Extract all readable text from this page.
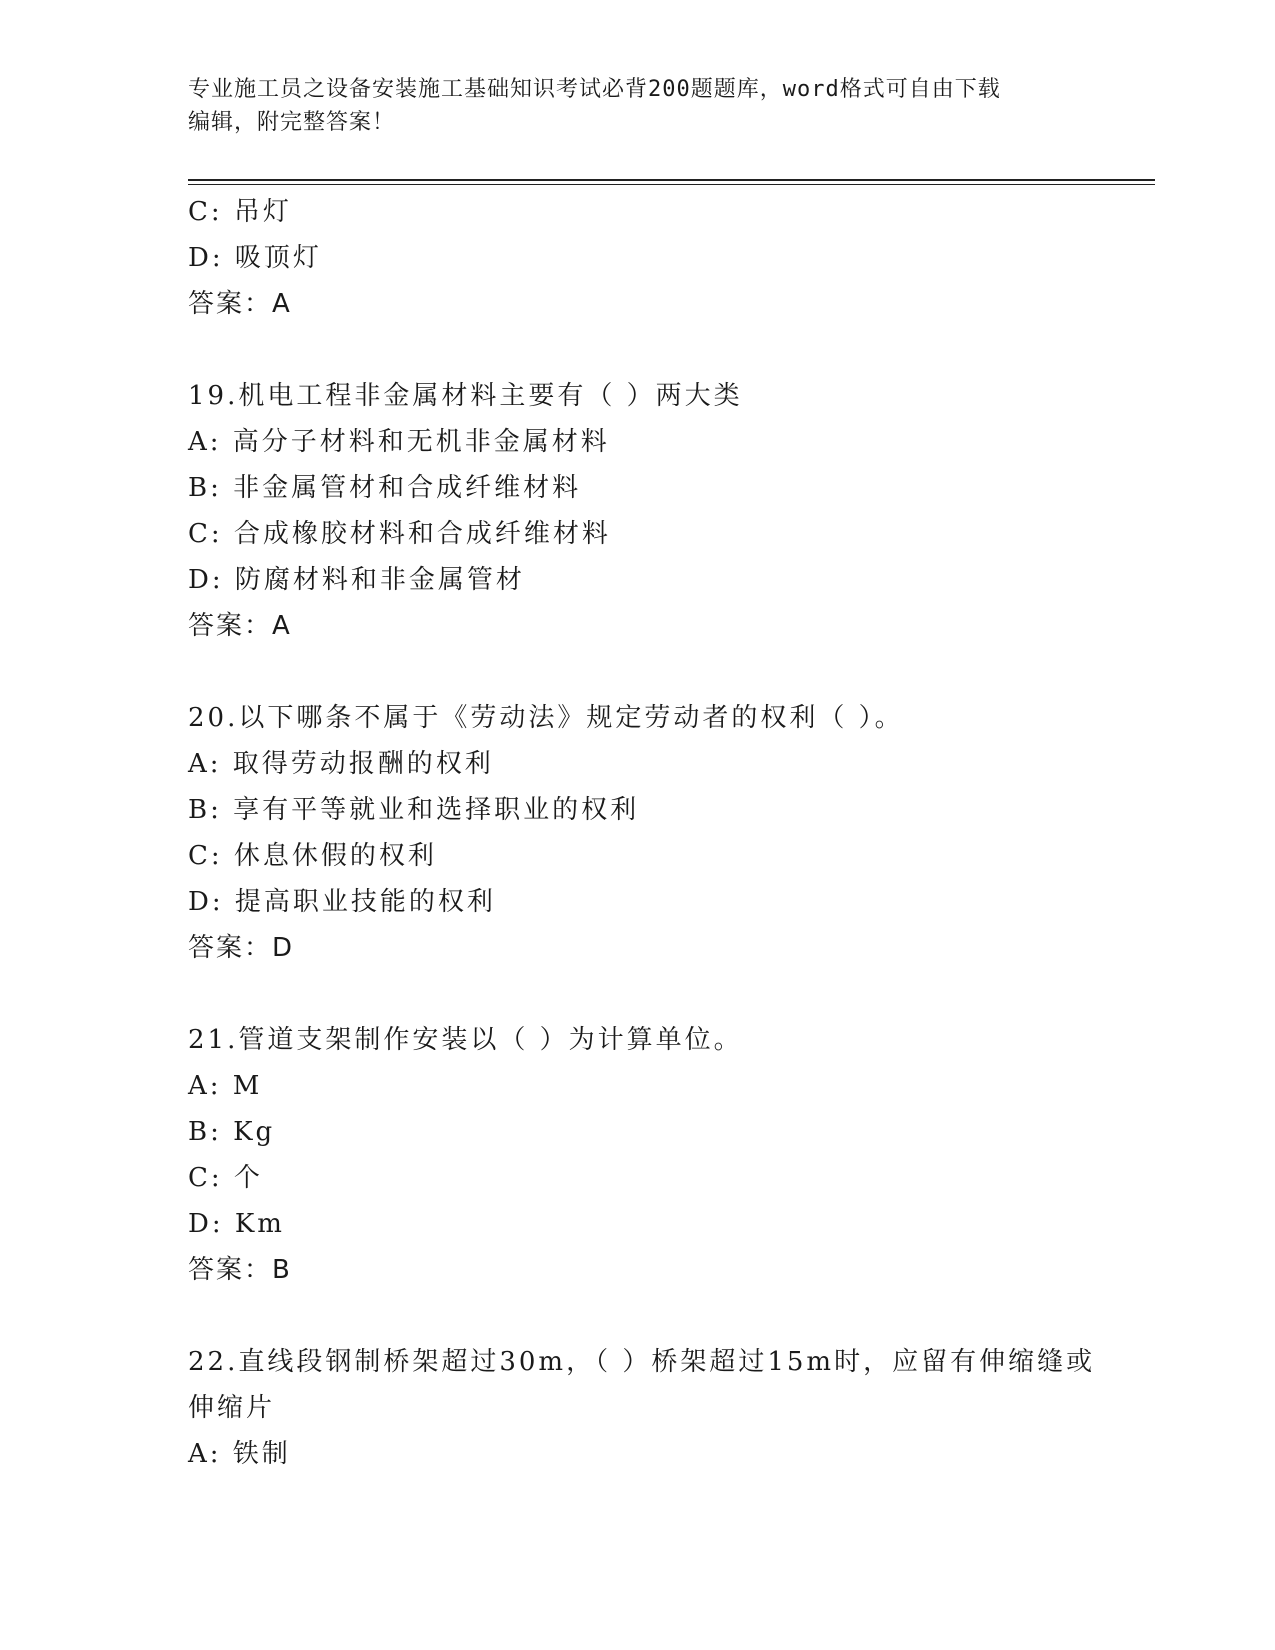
专业施工员之设备安装施工基础知识考试必背200题题库，word格式可自由下载
编辑，附完整答案！
C: 吊灯
D: 吸顶灯
答案：A
19.机电工程非金属材料主要有（ ）两大类
A: 高分子材料和无机非金属材料
B: 非金属管材和合成纤维材料
C: 合成橡胶材料和合成纤维材料
D: 防腐材料和非金属管材
答案：A
20.以下哪条不属于《劳动法》规定劳动者的权利（ ）。
A: 取得劳动报酬的权利
B: 享有平等就业和选择职业的权利
C: 休息休假的权利
D: 提高职业技能的权利
答案：D
21.管道支架制作安装以（ ）为计算单位。
A: M
B: Kg
C: 个
D: Km
答案：B
22.直线段钢制桥架超过30m，（ ）桥架超过15m时，应留有伸缩缝或
伸缩片
A: 铁制
